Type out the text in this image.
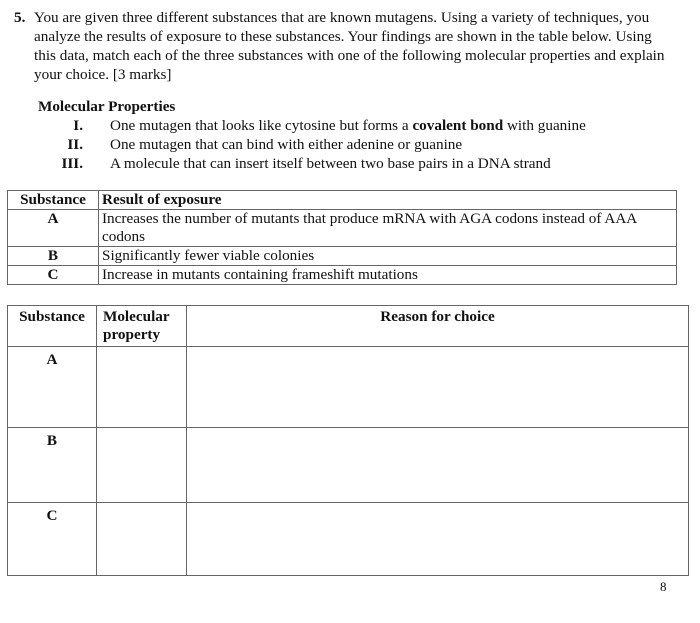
5. You are given three different substances that are known mutagens. Using a variety of techniques, you analyze the results of exposure to these substances. Your findings are shown in the table below. Using this data, match each of the three substances with one of the following molecular properties and explain your choice. [3 marks]
Molecular Properties
I. One mutagen that looks like cytosine but forms a covalent bond with guanine
II. One mutagen that can bind with either adenine or guanine
III. A molecule that can insert itself between two base pairs in a DNA strand
Substance	Result of exposure
A	Increases the number of mutants that produce mRNA with AGA codons instead of AAA codons
B	Significantly fewer viable colonies
C	Increase in mutants containing frameshift mutations
Substance	Molecular property	Reason for choice
A		
B		
C		
8
